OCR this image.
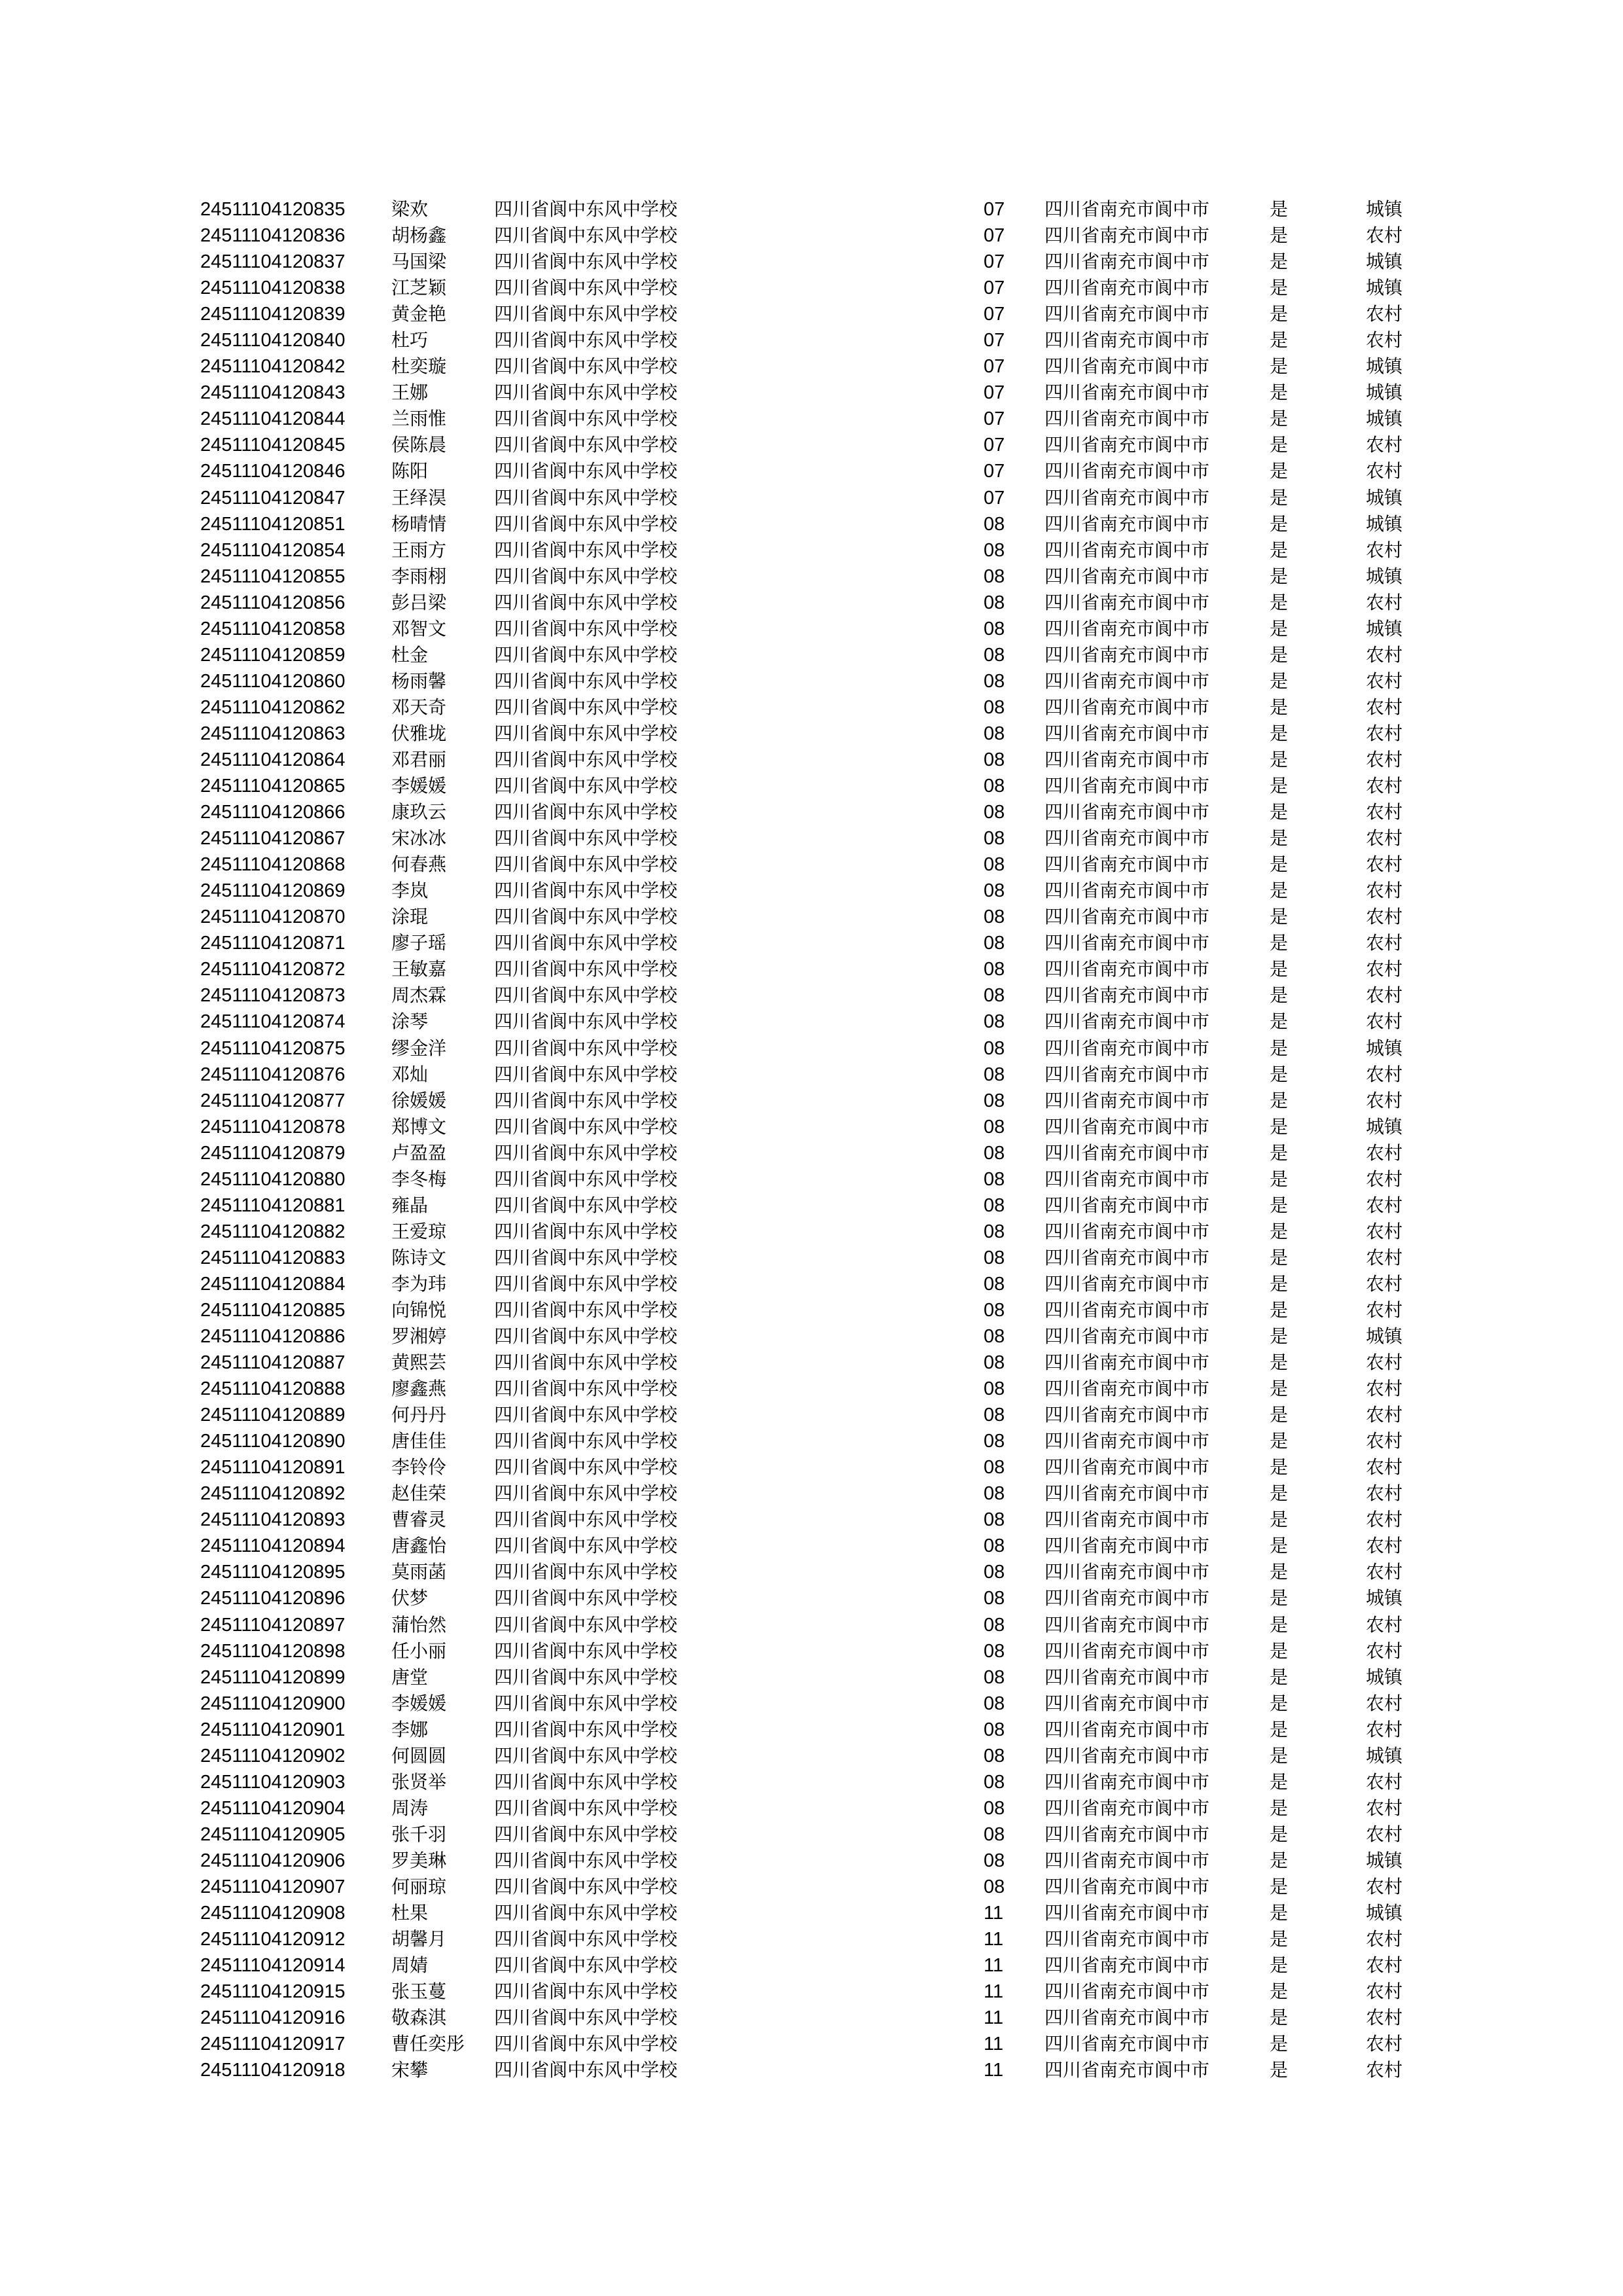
24511104120835	梁欢	四川省阆中东风中学校	07 四川省南充市阆中市	是	城镇
24511104120836	胡杨鑫	四川省阆中东风中学校	07 四川省南充市阆中市	是	农村
24511104120837	马国梁	四川省阆中东风中学校	07 四川省南充市阆中市	是	城镇
24511104120838	江芝颖	四川省阆中东风中学校	07 四川省南充市阆中市	是	城镇
24511104120839	黄金艳	四川省阆中东风中学校	07 四川省南充市阆中市	是	农村
24511104120840	杜巧	四川省阆中东风中学校	07 四川省南充市阆中市	是	农村
24511104120842	杜奕璇	四川省阆中东风中学校	07 四川省南充市阆中市	是	城镇
24511104120843	王娜	四川省阆中东风中学校	07 四川省南充市阆中市	是	城镇
24511104120844	兰雨惟	四川省阆中东风中学校	07 四川省南充市阆中市	是	城镇
24511104120845	侯陈晨	四川省阆中东风中学校	07 四川省南充市阆中市	是	农村
24511104120846	陈阳	四川省阆中东风中学校	07 四川省南充市阆中市	是	农村
24511104120847	王绎淏	四川省阆中东风中学校	07 四川省南充市阆中市	是	城镇
24511104120851	杨晴情	四川省阆中东风中学校	08 四川省南充市阆中市	是	城镇
24511104120854	王雨方	四川省阆中东风中学校	08 四川省南充市阆中市	是	农村
24511104120855	李雨栩	四川省阆中东风中学校	08 四川省南充市阆中市	是	城镇
24511104120856	彭吕梁	四川省阆中东风中学校	08 四川省南充市阆中市	是	农村
24511104120858	邓智文	四川省阆中东风中学校	08 四川省南充市阆中市	是	城镇
24511104120859	杜金	四川省阆中东风中学校	08 四川省南充市阆中市	是	农村
24511104120860	杨雨馨	四川省阆中东风中学校	08 四川省南充市阆中市	是	农村
24511104120862	邓天奇	四川省阆中东风中学校	08 四川省南充市阆中市	是	农村
24511104120863	伏雅垅	四川省阆中东风中学校	08 四川省南充市阆中市	是	农村
24511104120864	邓君丽	四川省阆中东风中学校	08 四川省南充市阆中市	是	农村
24511104120865	李媛媛	四川省阆中东风中学校	08 四川省南充市阆中市	是	农村
24511104120866	康玖云	四川省阆中东风中学校	08 四川省南充市阆中市	是	农村
24511104120867	宋冰冰	四川省阆中东风中学校	08 四川省南充市阆中市	是	农村
24511104120868	何春燕	四川省阆中东风中学校	08 四川省南充市阆中市	是	农村
24511104120869	李岚	四川省阆中东风中学校	08 四川省南充市阆中市	是	农村
24511104120870	涂琨	四川省阆中东风中学校	08 四川省南充市阆中市	是	农村
24511104120871	廖子瑶	四川省阆中东风中学校	08 四川省南充市阆中市	是	农村
24511104120872	王敏嘉	四川省阆中东风中学校	08 四川省南充市阆中市	是	农村
24511104120873	周杰霖	四川省阆中东风中学校	08 四川省南充市阆中市	是	农村
24511104120874	涂琴	四川省阆中东风中学校	08 四川省南充市阆中市	是	农村
24511104120875	缪金洋	四川省阆中东风中学校	08 四川省南充市阆中市	是	城镇
24511104120876	邓灿	四川省阆中东风中学校	08 四川省南充市阆中市	是	农村
24511104120877	徐媛媛	四川省阆中东风中学校	08 四川省南充市阆中市	是	农村
24511104120878	郑博文	四川省阆中东风中学校	08 四川省南充市阆中市	是	城镇
24511104120879	卢盈盈	四川省阆中东风中学校	08 四川省南充市阆中市	是	农村
24511104120880	李冬梅	四川省阆中东风中学校	08 四川省南充市阆中市	是	农村
24511104120881	雍晶	四川省阆中东风中学校	08 四川省南充市阆中市	是	农村
24511104120882	王爱琼	四川省阆中东风中学校	08 四川省南充市阆中市	是	农村
24511104120883	陈诗文	四川省阆中东风中学校	08 四川省南充市阆中市	是	农村
24511104120884	李为玮	四川省阆中东风中学校	08 四川省南充市阆中市	是	农村
24511104120885	向锦悦	四川省阆中东风中学校	08 四川省南充市阆中市	是	农村
24511104120886	罗湘婷	四川省阆中东风中学校	08 四川省南充市阆中市	是	城镇
24511104120887	黄熙芸	四川省阆中东风中学校	08 四川省南充市阆中市	是	农村
24511104120888	廖鑫燕	四川省阆中东风中学校	08 四川省南充市阆中市	是	农村
24511104120889	何丹丹	四川省阆中东风中学校	08 四川省南充市阆中市	是	农村
24511104120890	唐佳佳	四川省阆中东风中学校	08 四川省南充市阆中市	是	农村
24511104120891	李铃伶	四川省阆中东风中学校	08 四川省南充市阆中市	是	农村
24511104120892	赵佳荣	四川省阆中东风中学校	08 四川省南充市阆中市	是	农村
24511104120893	曹睿灵	四川省阆中东风中学校	08 四川省南充市阆中市	是	农村
24511104120894	唐鑫怡	四川省阆中东风中学校	08 四川省南充市阆中市	是	农村
24511104120895	莫雨菡	四川省阆中东风中学校	08 四川省南充市阆中市	是	农村
24511104120896	伏梦	四川省阆中东风中学校	08 四川省南充市阆中市	是	城镇
24511104120897	蒲怡然	四川省阆中东风中学校	08 四川省南充市阆中市	是	农村
24511104120898	任小丽	四川省阆中东风中学校	08 四川省南充市阆中市	是	农村
24511104120899	唐堂	四川省阆中东风中学校	08 四川省南充市阆中市	是	城镇
24511104120900	李媛媛	四川省阆中东风中学校	08 四川省南充市阆中市	是	农村
24511104120901	李娜	四川省阆中东风中学校	08 四川省南充市阆中市	是	农村
24511104120902	何圆圆	四川省阆中东风中学校	08 四川省南充市阆中市	是	城镇
24511104120903	张贤举	四川省阆中东风中学校	08 四川省南充市阆中市	是	农村
24511104120904	周涛	四川省阆中东风中学校	08 四川省南充市阆中市	是	农村
24511104120905	张千羽	四川省阆中东风中学校	08 四川省南充市阆中市	是	农村
24511104120906	罗美琳	四川省阆中东风中学校	08 四川省南充市阆中市	是	城镇
24511104120907	何丽琼	四川省阆中东风中学校	08 四川省南充市阆中市	是	农村
24511104120908	杜果	四川省阆中东风中学校	11 四川省南充市阆中市	是	城镇
24511104120912	胡馨月	四川省阆中东风中学校	11 四川省南充市阆中市	是	农村
24511104120914	周婧	四川省阆中东风中学校	11 四川省南充市阆中市	是	农村
24511104120915	张玉蔓	四川省阆中东风中学校	11 四川省南充市阆中市	是	农村
24511104120916	敬森淇	四川省阆中东风中学校	11 四川省南充市阆中市	是	农村
24511104120917	曹任奕彤 四川省阆中东风中学校	11 四川省南充市阆中市	是	农村
24511104120918	宋攀	四川省阆中东风中学校	11 四川省南充市阆中市	是	农村
